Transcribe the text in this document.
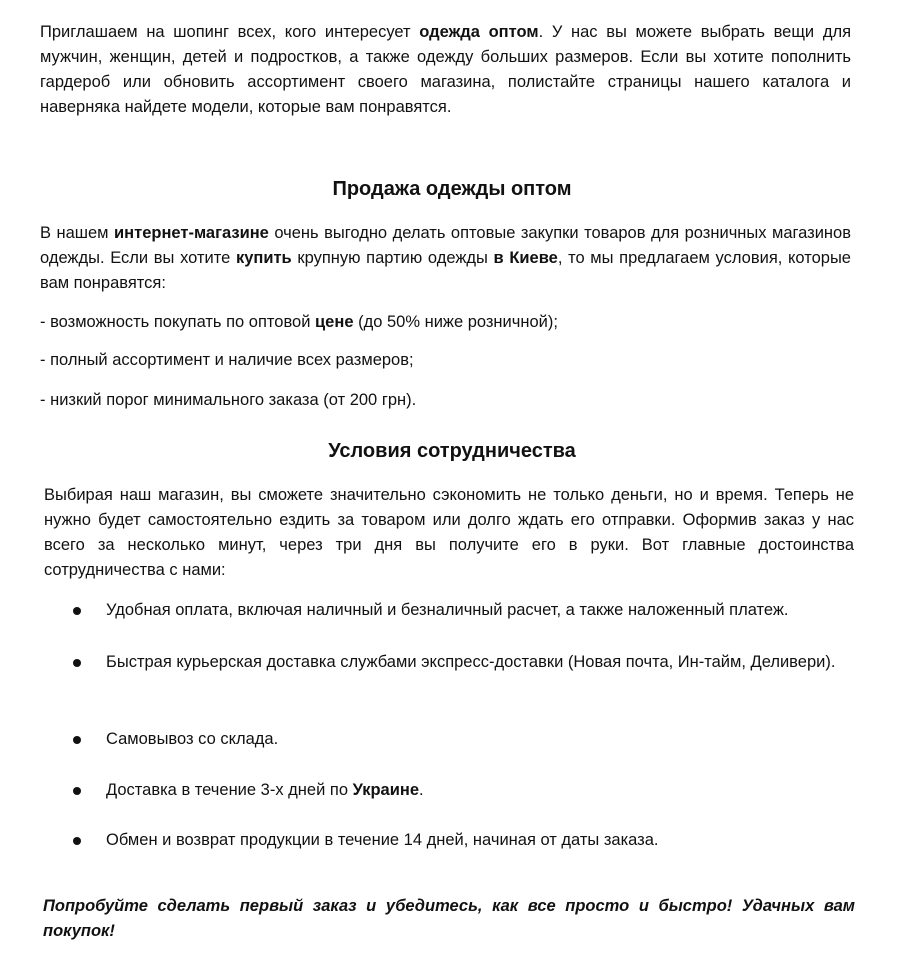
Приглашаем на шопинг всех, кого интересует одежда оптом. У нас вы можете выбрать вещи для мужчин, женщин, детей и подростков, а также одежду больших размеров. Если вы хотите пополнить гардероб или обновить ассортимент своего магазина, полистайте страницы нашего каталога и наверняка найдете модели, которые вам понравятся.

Продажа одежды оптом

В нашем интернет-магазине очень выгодно делать оптовые закупки товаров для розничных магазинов одежды. Если вы хотите купить крупную партию одежды в Киеве, то мы предлагаем условия, которые вам понравятся:

- возможность покупать по оптовой цене (до 50% ниже розничной);

- полный ассортимент и наличие всех размеров;

- низкий порог минимального заказа (от 200 грн).

Условия сотрудничества

Выбирая наш магазин, вы сможете значительно сэкономить не только деньги, но и время. Теперь не нужно будет самостоятельно ездить за товаром или долго ждать его отправки. Оформив заказ у нас всего за несколько минут, через три дня вы получите его в руки. Вот главные достоинства сотрудничества с нами:

Удобная оплата, включая наличный и безналичный расчет, а также наложенный платеж.

Быстрая курьерская доставка службами экспресс-доставки (Новая почта, Ин-тайм, Деливери).

Самовывоз со склада.

Доставка в течение 3-х дней по Украине.

Обмен и возврат продукции в течение 14 дней, начиная от даты заказа.

Попробуйте сделать первый заказ и убедитесь, как все просто и быстро! Удачных вам покупок!
